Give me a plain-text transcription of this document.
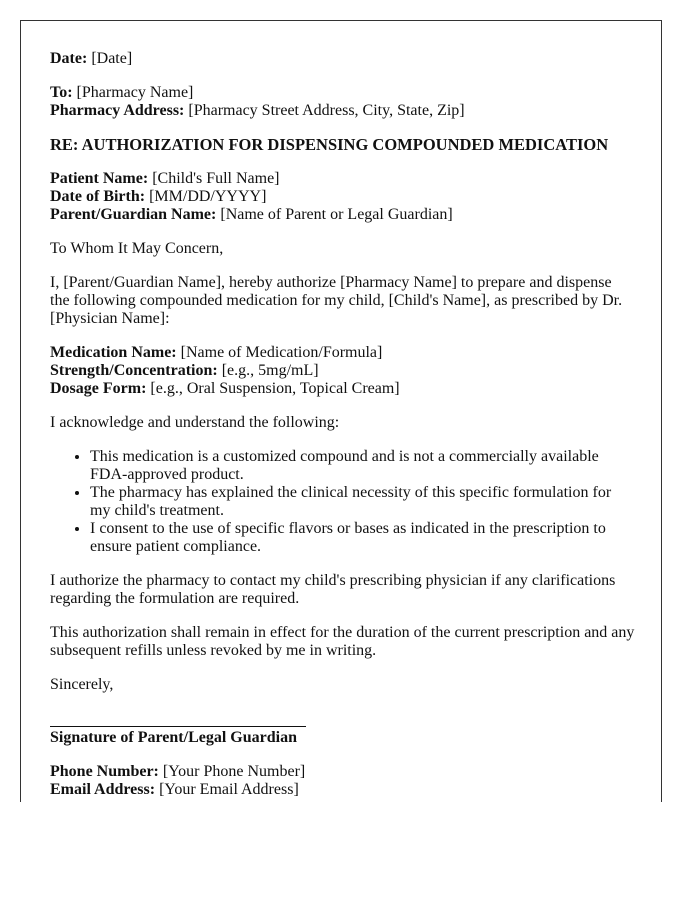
Date: [Date]

To: [Pharmacy Name]
Pharmacy Address: [Pharmacy Street Address, City, State, Zip]

RE: AUTHORIZATION FOR DISPENSING COMPOUNDED MEDICATION

Patient Name: [Child's Full Name]
Date of Birth: [MM/DD/YYYY]
Parent/Guardian Name: [Name of Parent or Legal Guardian]

To Whom It May Concern,

I, [Parent/Guardian Name], hereby authorize [Pharmacy Name] to prepare and dispense the following compounded medication for my child, [Child's Name], as prescribed by Dr. [Physician Name]:

Medication Name: [Name of Medication/Formula]
Strength/Concentration: [e.g., 5mg/mL]
Dosage Form: [e.g., Oral Suspension, Topical Cream]

I acknowledge and understand the following:

• This medication is a customized compound and is not a commercially available FDA-approved product.
• The pharmacy has explained the clinical necessity of this specific formulation for my child's treatment.
• I consent to the use of specific flavors or bases as indicated in the prescription to ensure patient compliance.

I authorize the pharmacy to contact my child's prescribing physician if any clarifications regarding the formulation are required.

This authorization shall remain in effect for the duration of the current prescription and any subsequent refills unless revoked by me in writing.

Sincerely,

Signature of Parent/Legal Guardian

Phone Number: [Your Phone Number]
Email Address: [Your Email Address]
